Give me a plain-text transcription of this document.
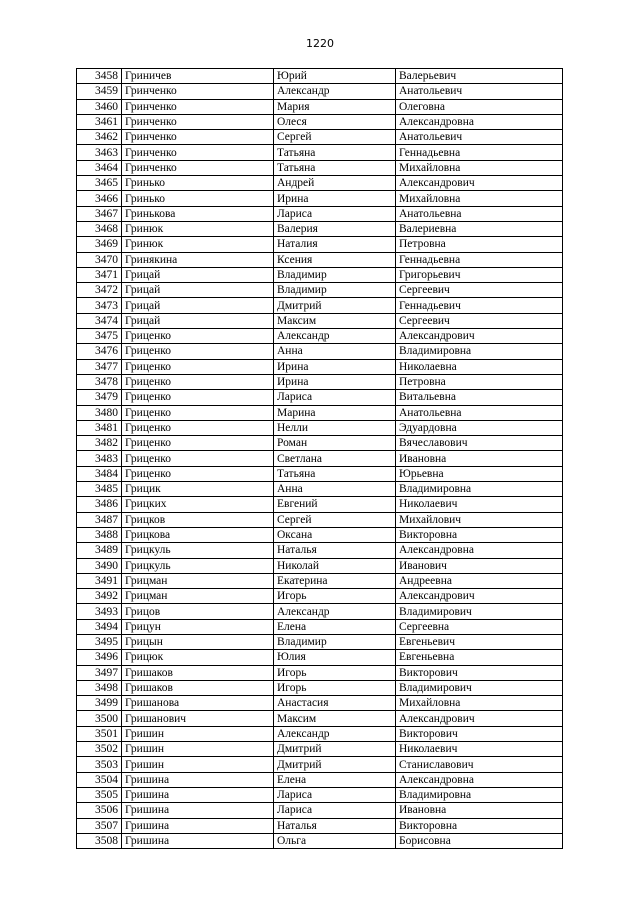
1220
3458	Гриничев	Юрий	Валерьевич
3459	Гринченко	Александр	Анатольевич
3460	Гринченко	Мария	Олеговна
3461	Гринченко	Олеся	Александровна
3462	Гринченко	Сергей	Анатольевич
3463	Гринченко	Татьяна	Геннадьевна
3464	Гринченко	Татьяна	Михайловна
3465	Гринько	Андрей	Александрович
3466	Гринько	Ирина	Михайловна
3467	Гринькова	Лариса	Анатольевна
3468	Гринюк	Валерия	Валериевна
3469	Гринюк	Наталия	Петровна
3470	Гринякина	Ксения	Геннадьевна
3471	Грицай	Владимир	Григорьевич
3472	Грицай	Владимир	Сергеевич
3473	Грицай	Дмитрий	Геннадьевич
3474	Грицай	Максим	Сергеевич
3475	Гриценко	Александр	Александрович
3476	Гриценко	Анна	Владимировна
3477	Гриценко	Ирина	Николаевна
3478	Гриценко	Ирина	Петровна
3479	Гриценко	Лариса	Витальевна
3480	Гриценко	Марина	Анатольевна
3481	Гриценко	Нелли	Эдуардовна
3482	Гриценко	Роман	Вячеславович
3483	Гриценко	Светлана	Ивановна
3484	Гриценко	Татьяна	Юрьевна
3485	Грицик	Анна	Владимировна
3486	Грицких	Евгений	Николаевич
3487	Грицков	Сергей	Михайлович
3488	Грицкова	Оксана	Викторовна
3489	Грицкуль	Наталья	Александровна
3490	Грицкуль	Николай	Иванович
3491	Грицман	Екатерина	Андреевна
3492	Грицман	Игорь	Александрович
3493	Грицов	Александр	Владимирович
3494	Грицун	Елена	Сергеевна
3495	Грицын	Владимир	Евгеньевич
3496	Грицюк	Юлия	Евгеньевна
3497	Гришаков	Игорь	Викторович
3498	Гришаков	Игорь	Владимирович
3499	Гришанова	Анастасия	Михайловна
3500	Гришанович	Максим	Александрович
3501	Гришин	Александр	Викторович
3502	Гришин	Дмитрий	Николаевич
3503	Гришин	Дмитрий	Станиславович
3504	Гришина	Елена	Александровна
3505	Гришина	Лариса	Владимировна
3506	Гришина	Лариса	Ивановна
3507	Гришина	Наталья	Викторовна
3508	Гришина	Ольга	Борисовна
